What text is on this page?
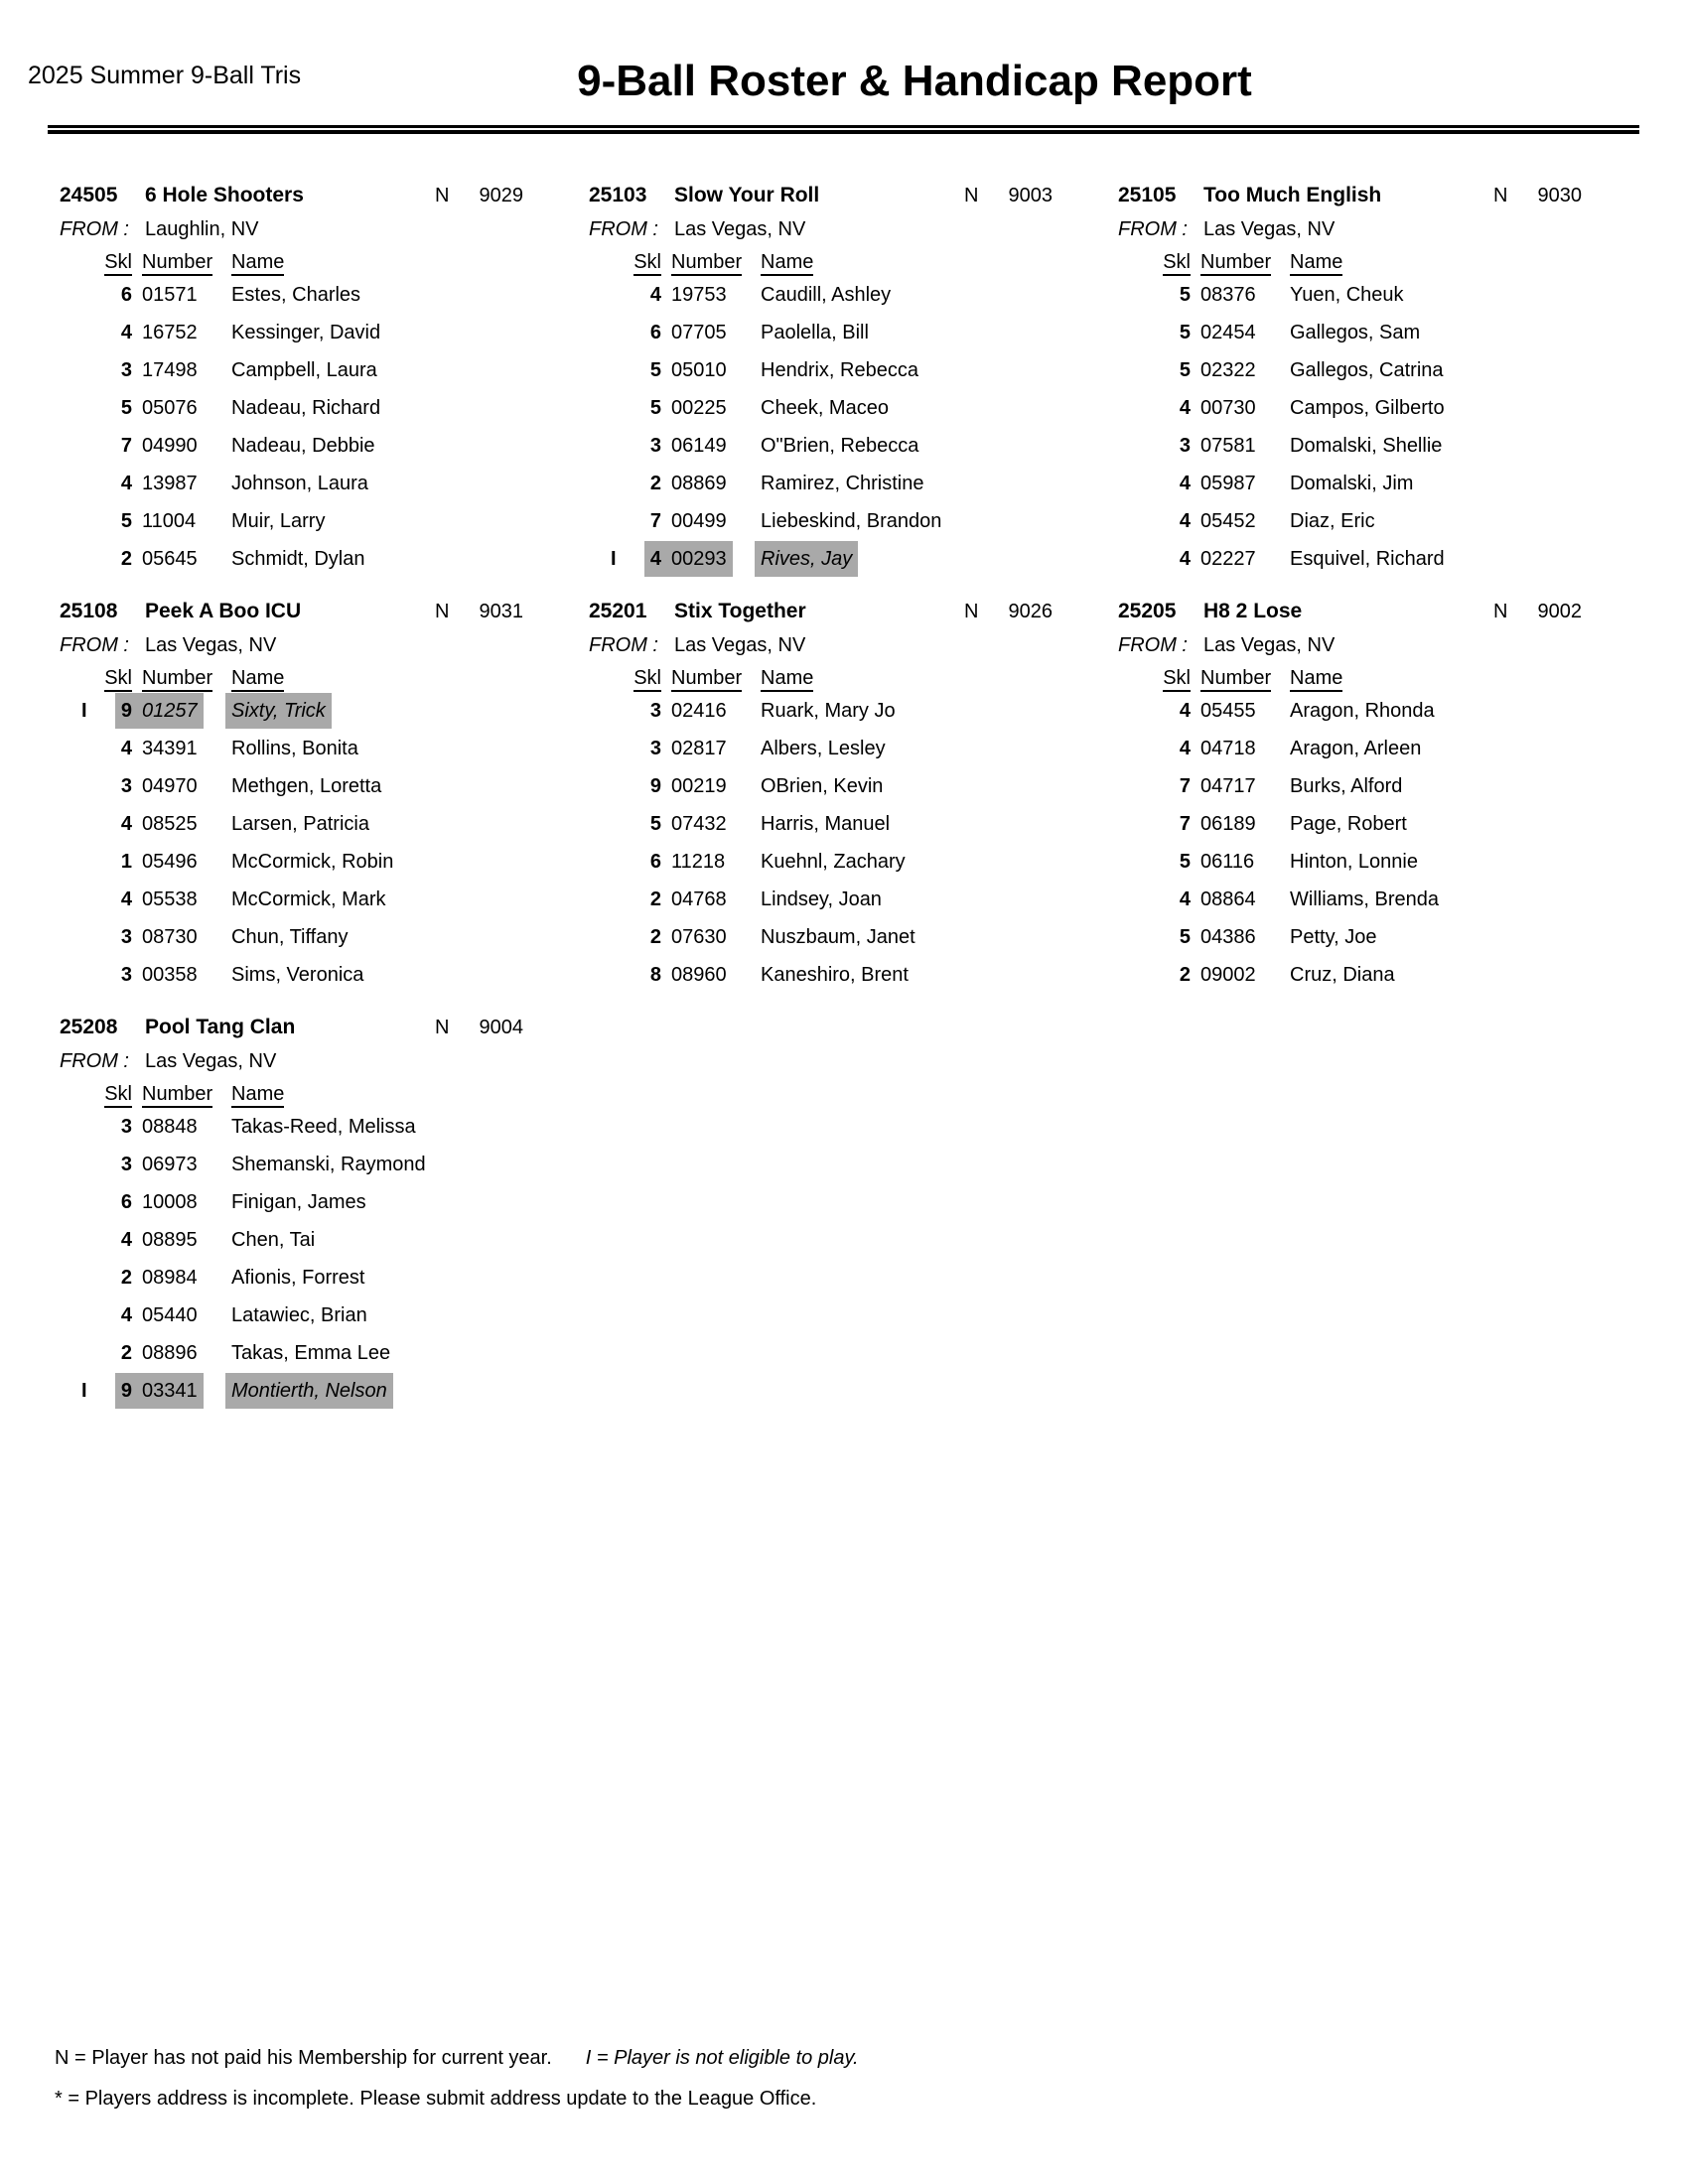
2025 Summer 9-Ball Tris	9-Ball Roster & Handicap Report
24505 6 Hole Shooters	N 9029
FROM : Laughlin, NV
Skl Number Name
6 01571 Estes, Charles
4 16752 Kessinger, David
3 17498 Campbell, Laura
5 05076 Nadeau, Richard
7 04990 Nadeau, Debbie
4 13987 Johnson, Laura
5 11004 Muir, Larry
2 05645 Schmidt, Dylan
25103 Slow Your Roll	N 9003
FROM : Las Vegas, NV
Skl Number Name
4 19753 Caudill, Ashley
6 07705 Paolella, Bill
5 05010 Hendrix, Rebecca
5 00225 Cheek, Maceo
3 06149 O"Brien, Rebecca
2 08869 Ramirez, Christine
7 00499 Liebeskind, Brandon
I	4 00293 Rives, Jay
25105 Too Much English	N 9030
FROM : Las Vegas, NV
Skl Number Name
5 08376 Yuen, Cheuk
5 02454 Gallegos, Sam
5 02322 Gallegos, Catrina
4 00730 Campos, Gilberto
3 07581 Domalski, Shellie
4 05987 Domalski, Jim
4 05452 Diaz, Eric
4 02227 Esquivel, Richard
25108 Peek A Boo ICU	N 9031
FROM : Las Vegas, NV
Skl Number Name
I	9 01257 Sixty, Trick
4 34391 Rollins, Bonita
3 04970 Methgen, Loretta
4 08525 Larsen, Patricia
1 05496 McCormick, Robin
4 05538 McCormick, Mark
3 08730 Chun, Tiffany
3 00358 Sims, Veronica
25201 Stix Together	N 9026
FROM : Las Vegas, NV
Skl Number Name
3 02416 Ruark, Mary Jo
3 02817 Albers, Lesley
9 00219 OBrien, Kevin
5 07432 Harris, Manuel
6 11218 Kuehnl, Zachary
2 04768 Lindsey, Joan
2 07630 Nuszbaum, Janet
8 08960 Kaneshiro, Brent
25205 H8 2 Lose	N 9002
FROM : Las Vegas, NV
Skl Number Name
4 05455 Aragon, Rhonda
4 04718 Aragon, Arleen
7 04717 Burks, Alford
7 06189 Page, Robert
5 06116 Hinton, Lonnie
4 08864 Williams, Brenda
5 04386 Petty, Joe
2 09002 Cruz, Diana
25208 Pool Tang Clan	N 9004
FROM : Las Vegas, NV
Skl Number Name
3 08848 Takas-Reed, Melissa
3 06973 Shemanski, Raymond
6 10008 Finigan, James
4 08895 Chen, Tai
2 08984 Afionis, Forrest
4 05440 Latawiec, Brian
2 08896 Takas, Emma Lee
I	9 03341 Montierth, Nelson
N = Player has not paid his Membership for current year. I = Player is not eligible to play.
* = Players address is incomplete. Please submit address update to the League Office.
